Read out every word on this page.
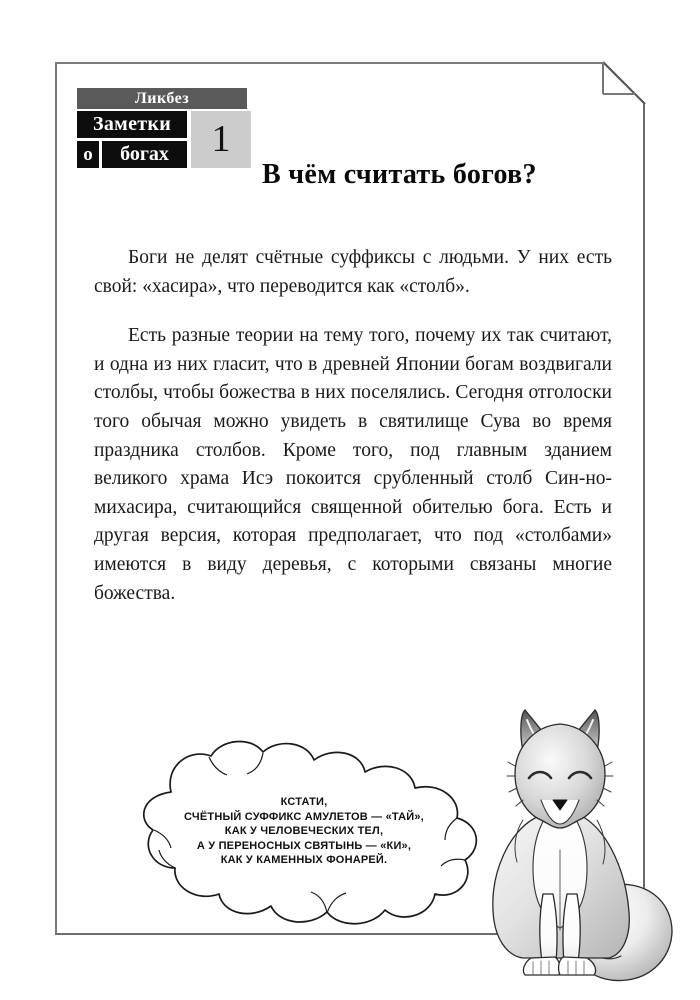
Ликбез
Заметки
о	богах	1
В чём считать богов?

Боги не делят счётные суффиксы с людьми. У них есть свой: «хасира», что переводится как «столб».

Есть разные теории на тему того, почему их так считают, и одна из них гласит, что в древней Японии богам воздвигали столбы, чтобы божества в них поселялись. Сегодня отголоски того обычая можно увидеть в святилище Сува во время праздника столбов. Кроме того, под главным зданием великого храма Исэ покоится срубленный столб Син-но-михасира, считающийся священной обителью бога. Есть и другая версия, которая предполагает, что под «столбами» имеются в виду деревья, с которыми связаны многие божества.

КСТАТИ,
СЧЁТНЫЙ СУФФИКС АМУЛЕТОВ — «ТАЙ»,
КАК У ЧЕЛОВЕЧЕСКИХ ТЕЛ,
А У ПЕРЕНОСНЫХ СВЯТЫНЬ — «КИ»,
КАК У КАМЕННЫХ ФОНАРЕЙ.
